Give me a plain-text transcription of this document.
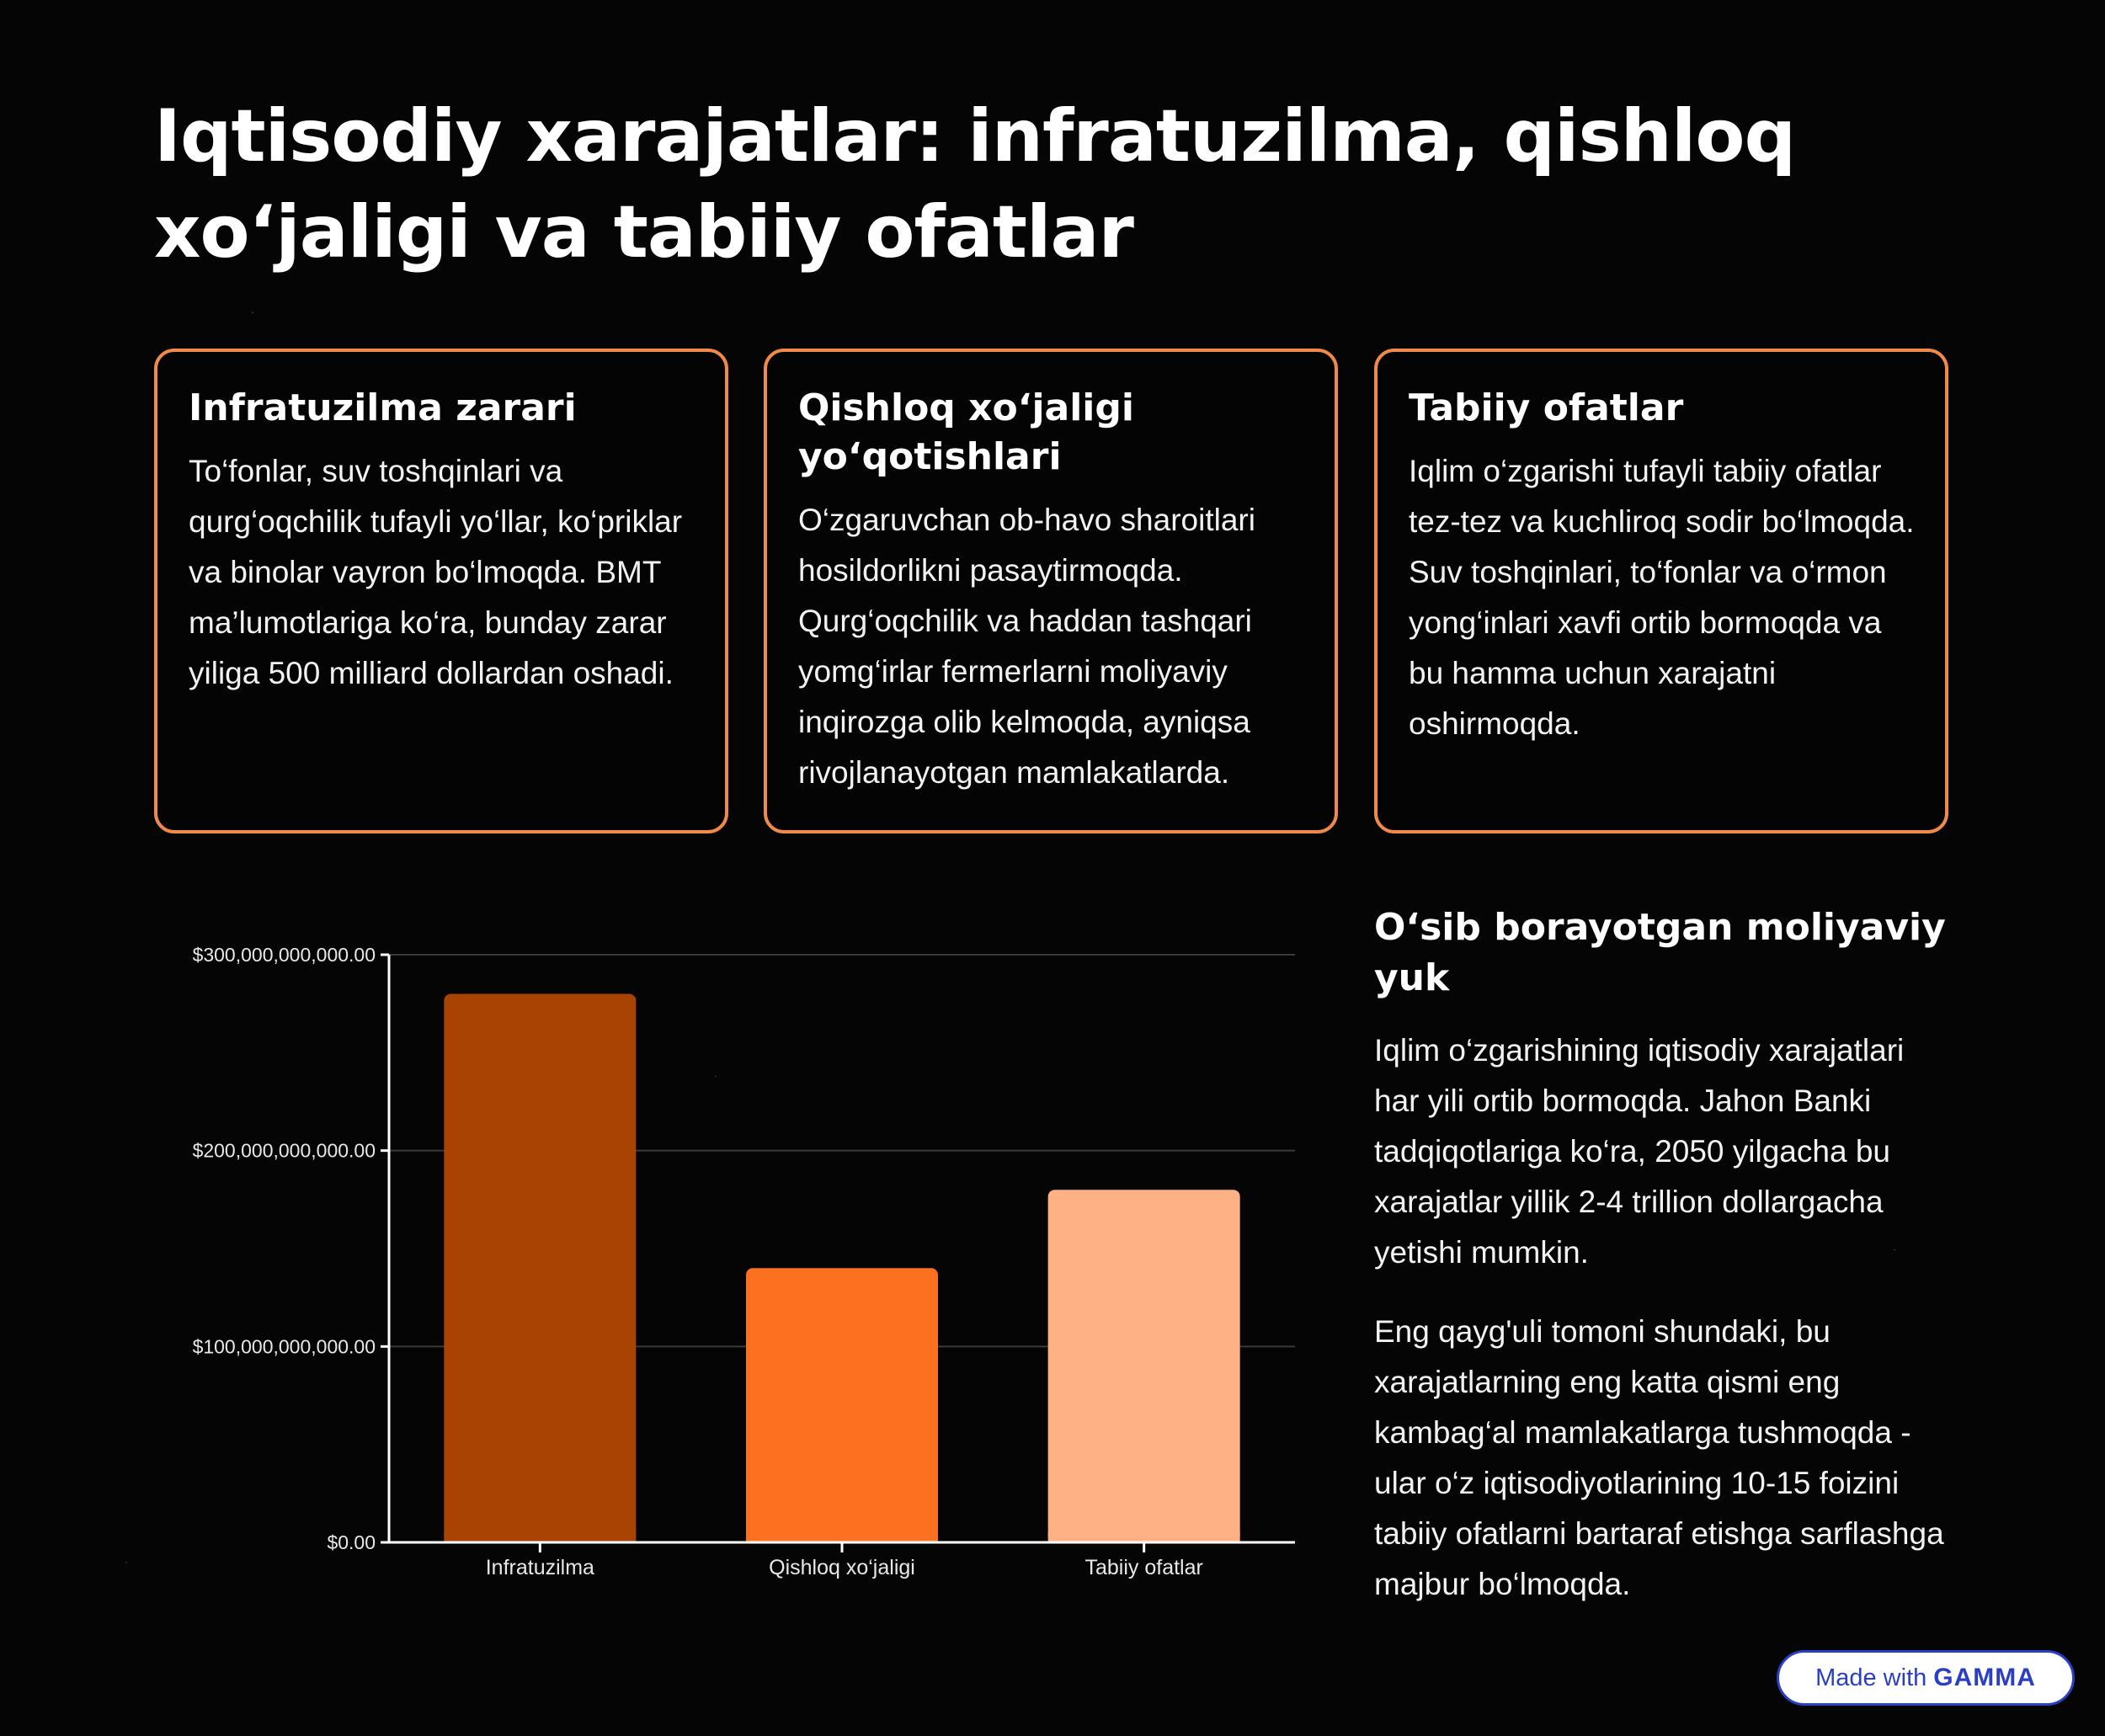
Iqtisodiy xarajatlar: infratuzilma, qishloq xo‘jaligi va tabiiy ofatlar
Infratuzilma zarari

To‘fonlar, suv toshqinlari va qurg‘oqchilik tufayli yo‘llar, ko‘priklar va binolar vayron bo‘lmoqda. BMT ma’lumotlariga ko‘ra, bunday zarar yiliga 500 milliard dollardan oshadi.

Qishloq xo‘jaligi yo‘qotishlari

O‘zgaruvchan ob-havo sharoitlari hosildorlikni pasaytirmoqda. Qurg‘oqchilik va haddan tashqari yomg‘irlar fermerlarni moliyaviy inqirozga olib kelmoqda, ayniqsa rivojlanayotgan mamlakatlarda.

Tabiiy ofatlar

Iqlim o‘zgarishi tufayli tabiiy ofatlar tez-tez va kuchliroq sodir bo‘lmoqda. Suv toshqinlari, to‘fonlar va o‘rmon yong‘inlari xavfi ortib bormoqda va bu hamma uchun xarajatni oshirmoqda.

$0.00
$100,000,000,000.00
$200,000,000,000.00
$300,000,000,000.00
Infratuzilma	Qishloq xo‘jaligi	Tabiiy ofatlar
O‘sib borayotgan moliyaviy yuk

Iqlim o‘zgarishining iqtisodiy xarajatlari har yili ortib bormoqda. Jahon Banki tadqiqotlariga ko‘ra, 2050 yilgacha bu xarajatlar yillik 2-4 trillion dollargacha yetishi mumkin.

Eng qayg'uli tomoni shundaki, bu xarajatlarning eng katta qismi eng kambag‘al mamlakatlarga tushmoqda - ular o‘z iqtisodiyotlarining 10-15 foizini tabiiy ofatlarni bartaraf etishga sarflashga majbur bo‘lmoqda.

Made with GAMMA
